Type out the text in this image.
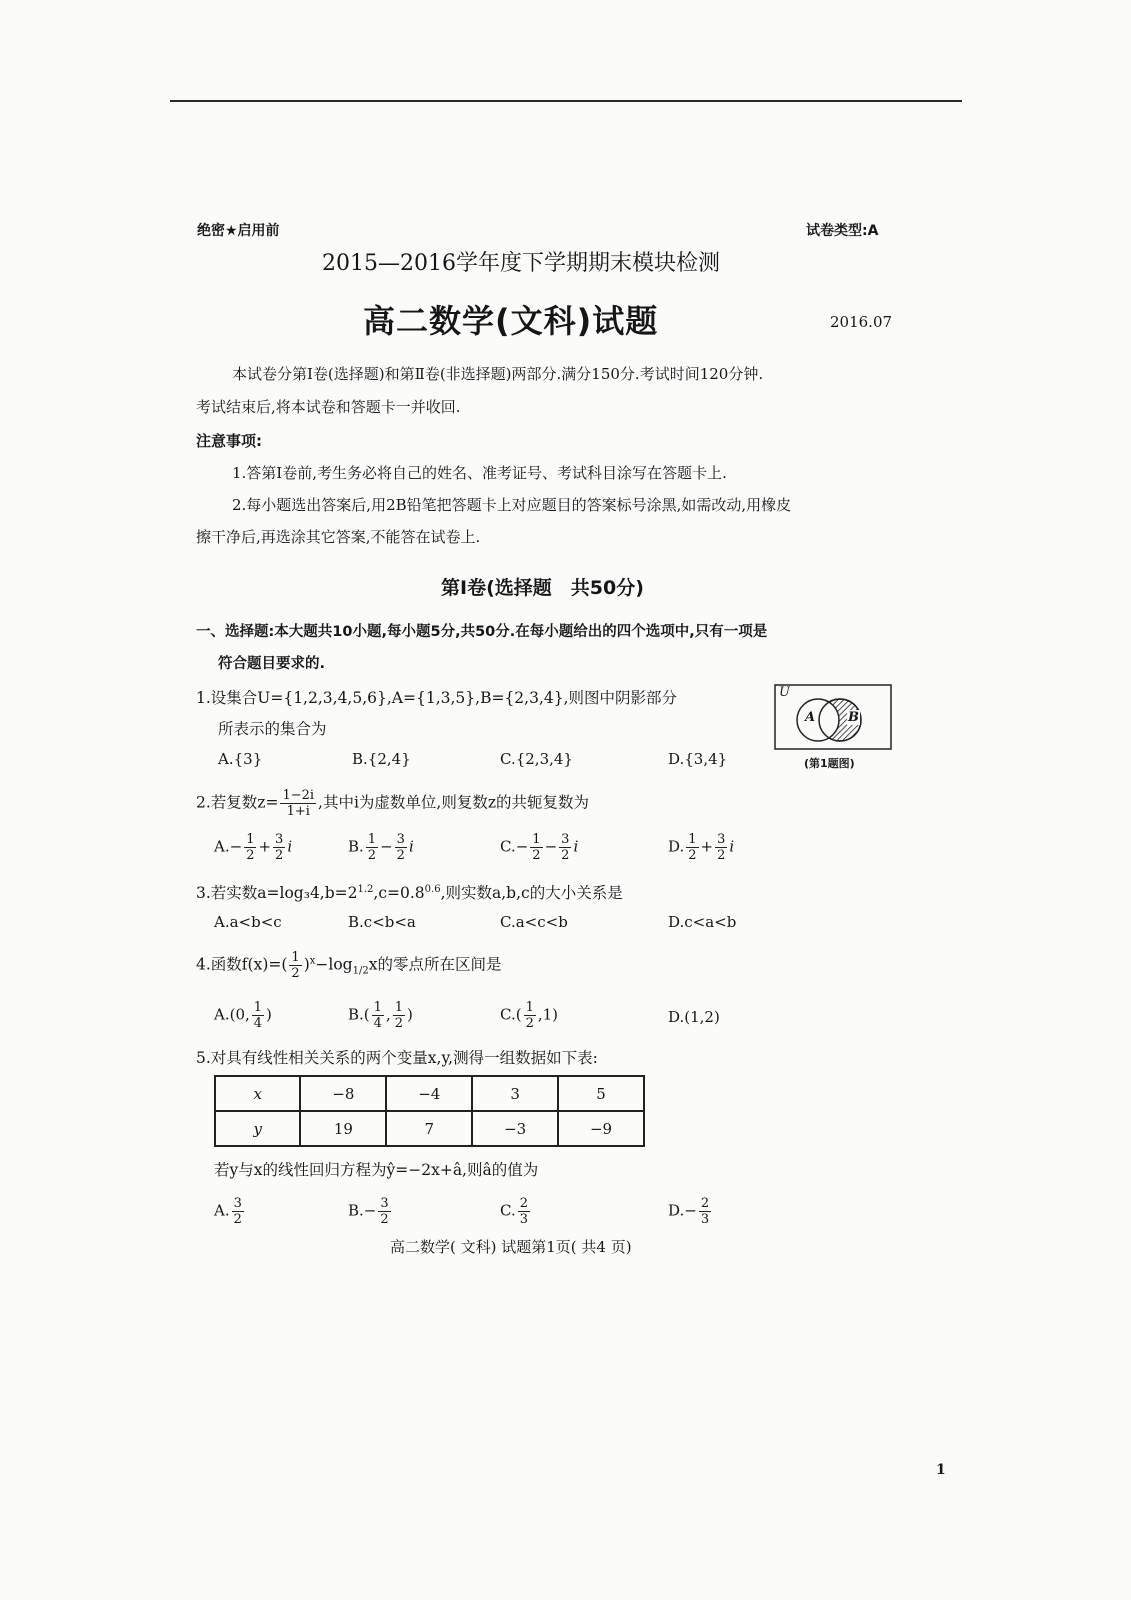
绝密★启用前	试卷类型:A
2015—2016学年度下学期期末模块检测
高二数学(文科)试题	2016.07
本试卷分第Ⅰ卷(选择题)和第Ⅱ卷(非选择题)两部分.满分150分.考试时间120分钟.
考试结束后,将本试卷和答题卡一并收回.
注意事项:
1.答第Ⅰ卷前,考生务必将自己的姓名、准考证号、考试科目涂写在答题卡上.
2.每小题选出答案后,用2B铅笔把答题卡上对应题目的答案标号涂黑,如需改动,用橡皮
擦干净后,再选涂其它答案,不能答在试卷上.
第Ⅰ卷(选择题　共50分)
一、选择题:本大题共10小题,每小题5分,共50分.在每小题给出的四个选项中,只有一项是
符合题目要求的.
1.设集合U={1,2,3,4,5,6},A={1,3,5},B={2,3,4},则图中阴影部分
所表示的集合为
A.{3}	B.{2,4}	C.{2,3,4}	D.{3,4}
U
A	B
(第1题图)
2.若复数$z= \frac{1-2i}{1+i}$ ,其中i为虚数单位,则复数z的共轭复数为
$A.- \frac{1}{2} + \frac{3}{2}$ i	B. $\frac{1}{2} - \frac{3}{2}$ i	$C.- \frac{1}{2} - \frac{3}{2}$ i	D. $\frac{1}{2} + \frac{3}{2}$ i
3.若实数$a=\log_34,b=2^{1.2},c=0.8^{0.6}$,则实数a,b,c的大小关系是
A.a<b<c	B.c<b<a	C.a<c<b	D.c<a<b
4.函数$f(x)=( \frac{1}{2} )^x-\log_{1/2}x$的零点所在区间是
A.(0, $\frac{1}{4}$ )	$B.( \frac{1}{4}$ , $\frac{1}{2}$ )	$C.( \frac{1}{2} ,1)$	D.(1,2)
5.对具有线性相关关系的两个变量x,y,测得一组数据如下表:
x	−8	−4	3	5
y	19	7	−3	−9
若y与x的线性回归方程为ŷ=−2x+â,则â的值为
A. $\frac{3}{2}$	$B.- \frac{3}{2}$	C. $\frac{2}{3}$	$D.- \frac{2}{3}$
高二数学( 文科) 试题第1页( 共4 页)
1
